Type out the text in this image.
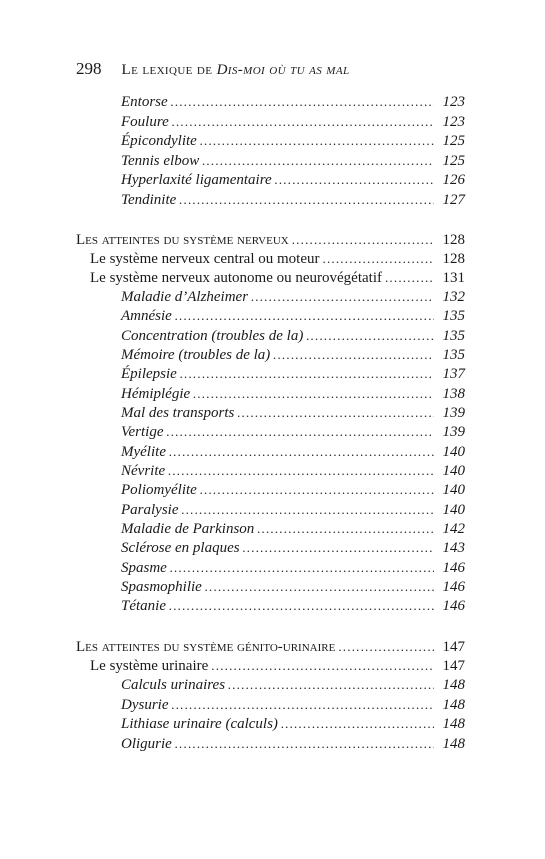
298 Le lexique de Dis-moi où tu as mal
Entorse .....	123
Foulure .....	123
Épicondylite .....	125
Tennis elbow .....	125
Hyperlaxité ligamentaire .....	126
Tendinite .....	127
Les atteintes du système nerveux .....	128
Le système nerveux central ou moteur .....	128
Le système nerveux autonome ou neurovégétatif .....	131
Maladie d’Alzheimer .....	132
Amnésie .....	135
Concentration (troubles de la) .....	135
Mémoire (troubles de la) .....	135
Épilepsie .....	137
Hémiplégie .....	138
Mal des transports .....	139
Vertige .....	139
Myélite .....	140
Névrite .....	140
Poliomyélite .....	140
Paralysie .....	140
Maladie de Parkinson .....	142
Sclérose en plaques .....	143
Spasme .....	146
Spasmophilie .....	146
Tétanie .....	146
Les atteintes du système génito-urinaire .....	147
Le système urinaire .....	147
Calculs urinaires .....	148
Dysurie .....	148
Lithiase urinaire (calculs) .....	148
Oligurie .....	148
